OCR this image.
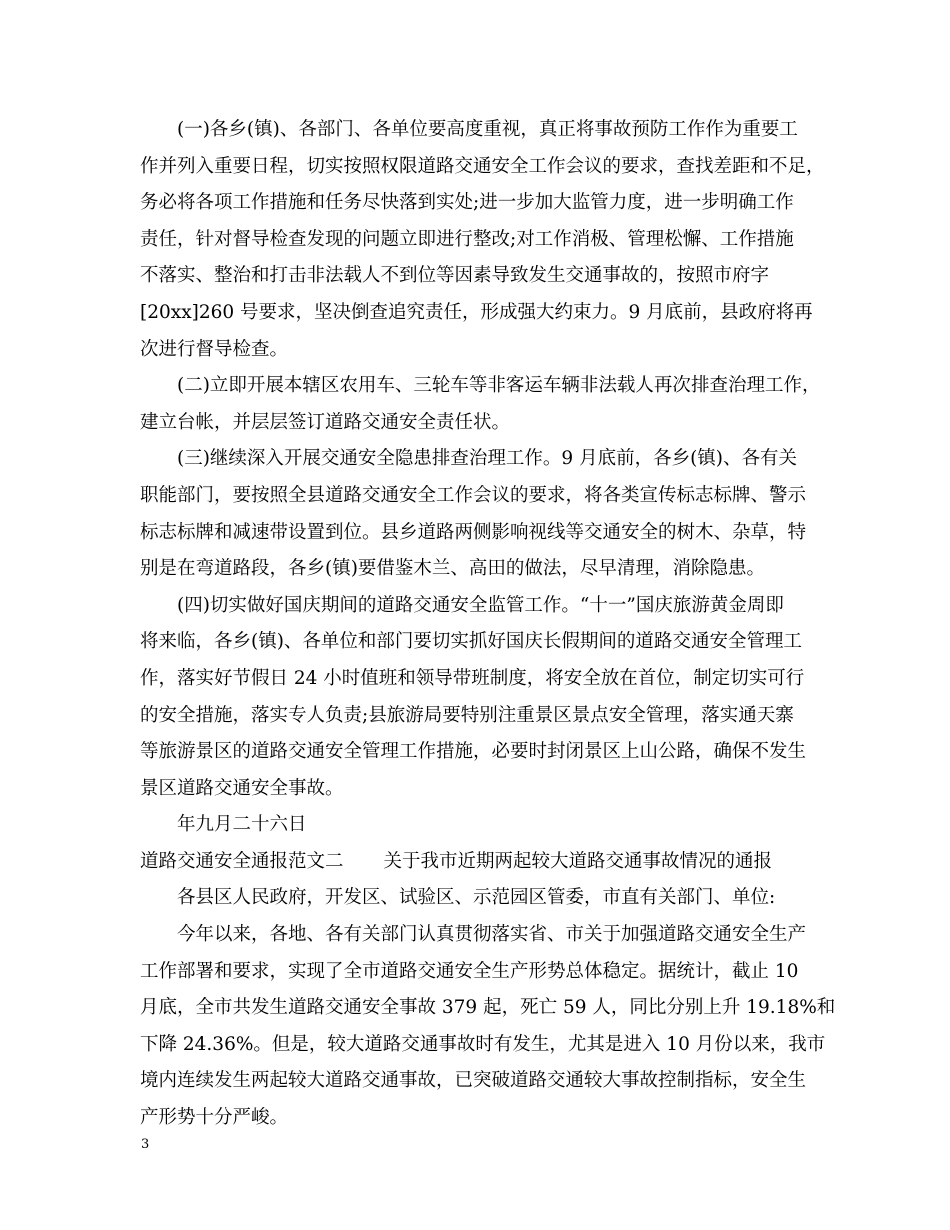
(一)各乡(镇)、各部门、各单位要高度重视，真正将事故预防工作作为重要工
作并列入重要日程，切实按照权限道路交通安全工作会议的要求，查找差距和不足，
务必将各项工作措施和任务尽快落到实处;进一步加大监管力度，进一步明确工作
责任，针对督导检查发现的问题立即进行整改;对工作消极、管理松懈、工作措施
不落实、整治和打击非法载人不到位等因素导致发生交通事故的，按照市府字
[20xx]260 号要求，坚决倒查追究责任，形成强大约束力。9 月底前，县政府将再
次进行督导检查。
(二)立即开展本辖区农用车、三轮车等非客运车辆非法载人再次排查治理工作，
建立台帐，并层层签订道路交通安全责任状。
(三)继续深入开展交通安全隐患排查治理工作。9 月底前，各乡(镇)、各有关
职能部门，要按照全县道路交通安全工作会议的要求，将各类宣传标志标牌、警示
标志标牌和减速带设置到位。县乡道路两侧影响视线等交通安全的树木、杂草，特
别是在弯道路段，各乡(镇)要借鉴木兰、高田的做法，尽早清理，消除隐患。
(四)切实做好国庆期间的道路交通安全监管工作。“十一”国庆旅游黄金周即
将来临，各乡(镇)、各单位和部门要切实抓好国庆长假期间的道路交通安全管理工
作，落实好节假日 24 小时值班和领导带班制度，将安全放在首位，制定切实可行
的安全措施，落实专人负责;县旅游局要特别注重景区景点安全管理，落实通天寨
等旅游景区的道路交通安全管理工作措施，必要时封闭景区上山公路，确保不发生
景区道路交通安全事故。
年九月二十六日
道路交通安全通报范文二 关于我市近期两起较大道路交通事故情况的通报
各县区人民政府，开发区、试验区、示范园区管委，市直有关部门、单位:
今年以来，各地、各有关部门认真贯彻落实省、市关于加强道路交通安全生产
工作部署和要求，实现了全市道路交通安全生产形势总体稳定。据统计，截止 10
月底，全市共发生道路交通安全事故 379 起，死亡 59 人，同比分别上升 19.18%和
下降 24.36%。但是，较大道路交通事故时有发生，尤其是进入 10 月份以来，我市
境内连续发生两起较大道路交通事故，已突破道路交通较大事故控制指标，安全生
产形势十分严峻。
3
